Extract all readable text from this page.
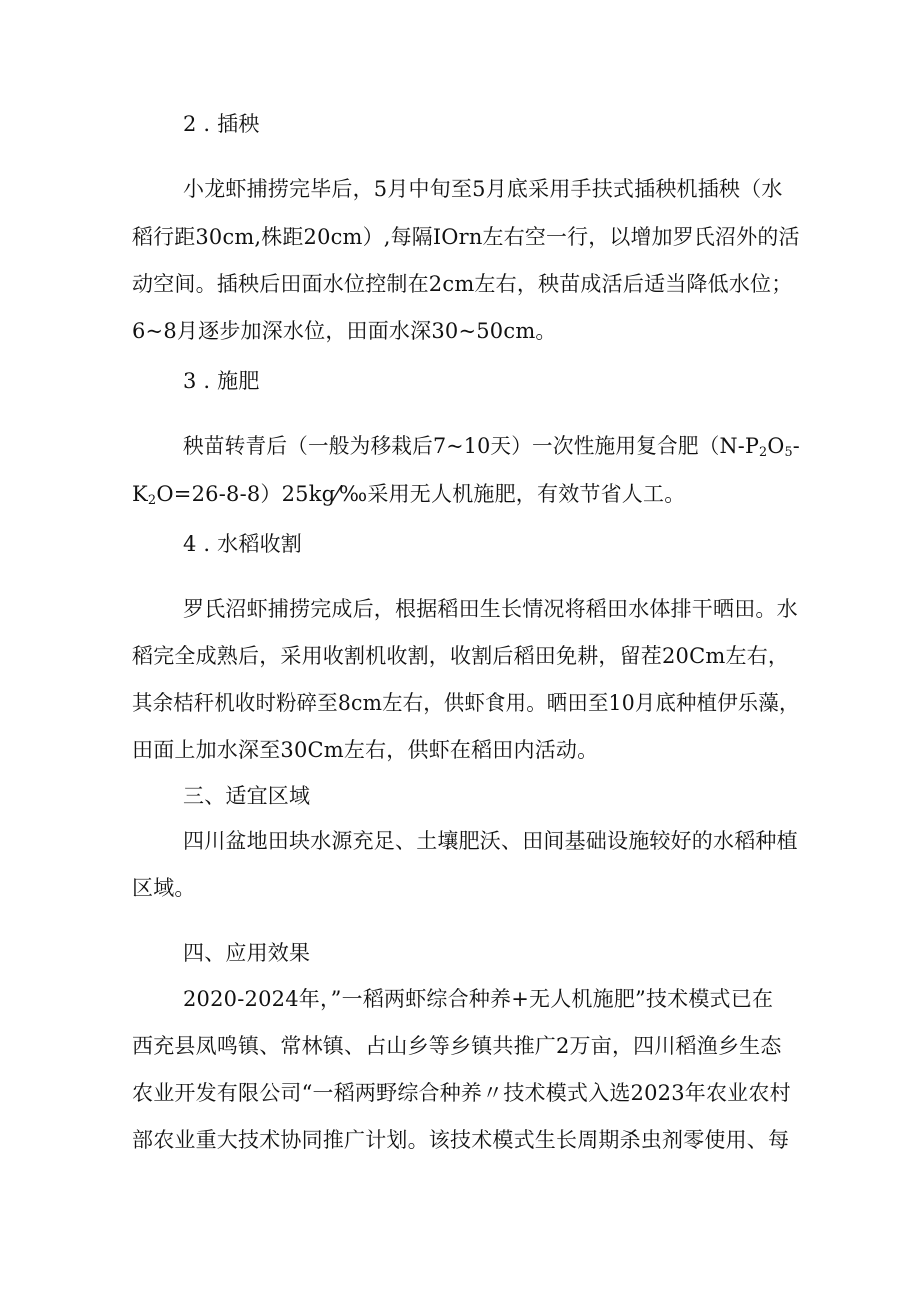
2 . 插秧

小龙虾捕捞完毕后，5月中旬至5月底采用手扶式插秧机插秧（水

稻行距30cm,株距20cm）,每隔IOrn左右空一行，以增加罗氏沼外的活

动空间。插秧后田面水位控制在2cm左右，秧苗成活后适当降低水位；

6~8月逐步加深水位，田面水深30~50cm。

3 . 施肥

秧苗转青后（一般为移栽后7~10天）一次性施用复合肥（$N-P_2O_5-$

$K_2O=26-8-8)25kg⁄‰$采用无人机施肥，有效节省人工。

4 . 水稻收割

罗氏沼虾捕捞完成后，根据稻田生长情况将稻田水体排干晒田。水

稻完全成熟后，采用收割机收割，收割后稻田免耕，留茬20Cm左右，

其余桔秆机收时粉碎至8cm左右，供虾食用。晒田至10月底种植伊乐藻，

田面上加水深至30Cm左右，供虾在稻田内活动。

三、适宜区域

四川盆地田块水源充足、土壤肥沃、田间基础设施较好的水稻种植

区域。

四、应用效果

2020-2024年，”一稻两虾综合种养+无人机施肥”技术模式已在

西充县凤鸣镇、常林镇、占山乡等乡镇共推广2万亩，四川稻渔乡生态

农业开发有限公司“一稻两野综合种养〃技术模式入选2023年农业农村

部农业重大技术协同推广计划。该技术模式生长周期杀虫剂零使用、每
